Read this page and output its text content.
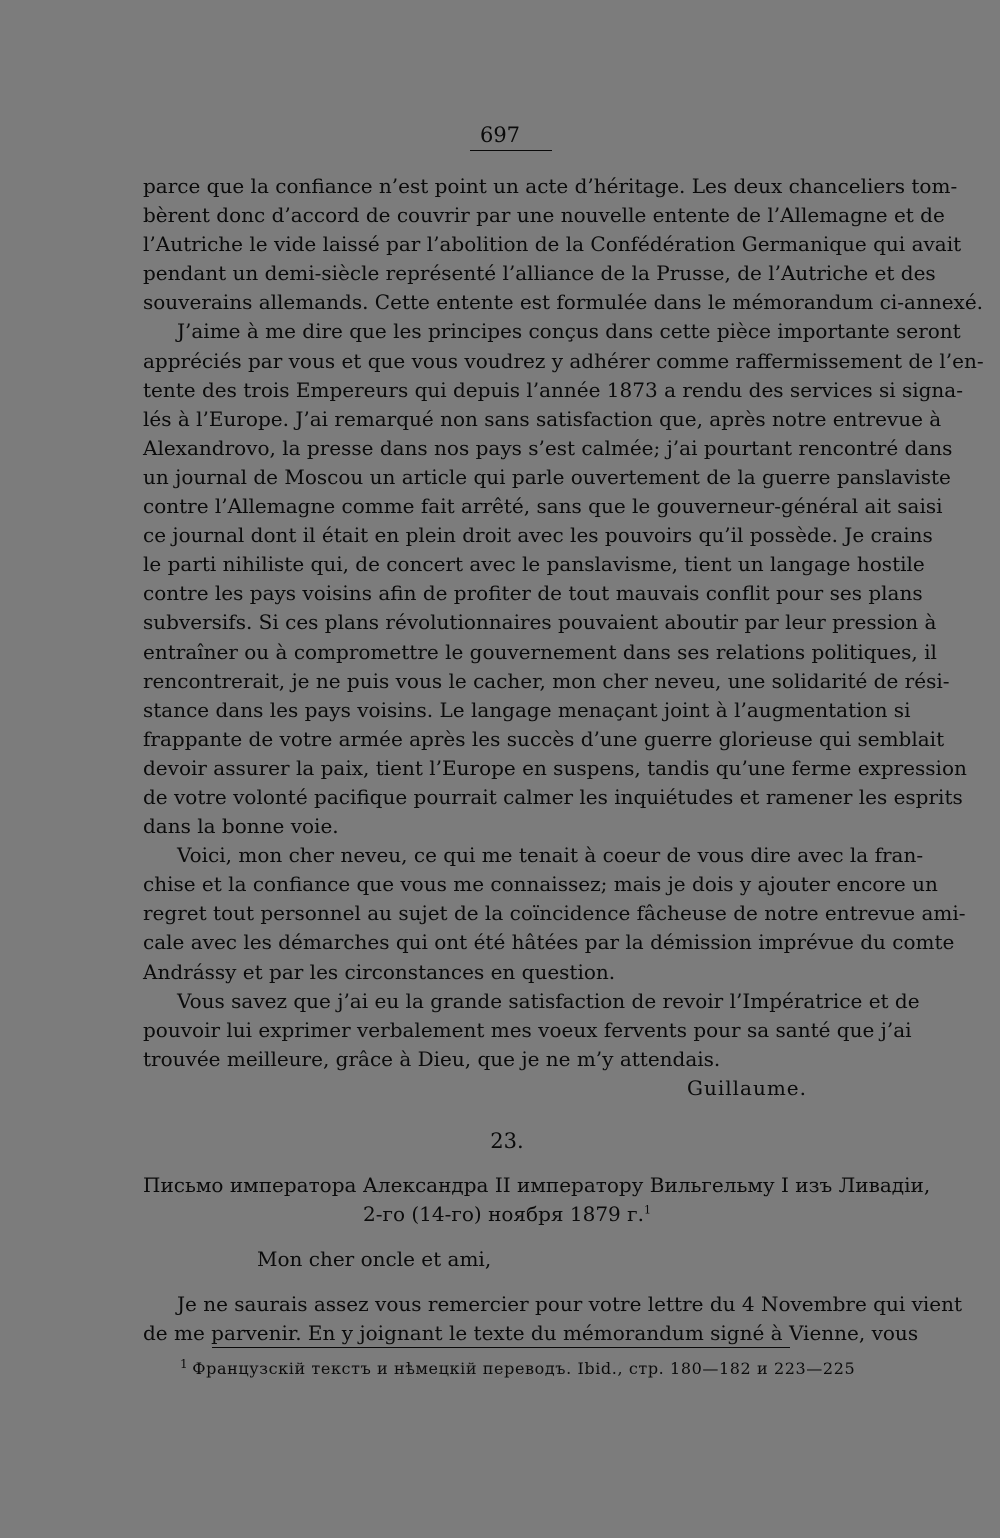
697
parce que la confiance n’est point un acte d’héritage. Les deux chanceliers tom-
bèrent donc d’accord de couvrir par une nouvelle entente de l’Allemagne et de
l’Autriche le vide laissé par l’abolition de la Confédération Germanique qui avait
pendant un demi-siècle représenté l’alliance de la Prusse, de l’Autriche et des
souverains allemands. Cette entente est formulée dans le mémorandum ci-annexé.
J’aime à me dire que les principes conçus dans cette pièce importante seront
appréciés par vous et que vous voudrez y adhérer comme raffermissement de l’en-
tente des trois Empereurs qui depuis l’année 1873 a rendu des services si signa-
lés à l’Europe. J’ai remarqué non sans satisfaction que, après notre entrevue à
Alexandrovo, la presse dans nos pays s’est calmée; j’ai pourtant rencontré dans
un journal de Moscou un article qui parle ouvertement de la guerre panslaviste
contre l’Allemagne comme fait arrêté, sans que le gouverneur-général ait saisi
ce journal dont il était en plein droit avec les pouvoirs qu’il possède. Je crains
le parti nihiliste qui, de concert avec le panslavisme, tient un langage hostile
contre les pays voisins afin de profiter de tout mauvais conflit pour ses plans
subversifs. Si ces plans révolutionnaires pouvaient aboutir par leur pression à
entraîner ou à compromettre le gouvernement dans ses relations politiques, il
rencontrerait, je ne puis vous le cacher, mon cher neveu, une solidarité de rési-
stance dans les pays voisins. Le langage menaçant joint à l’augmentation si
frappante de votre armée après les succès d’une guerre glorieuse qui semblait
devoir assurer la paix, tient l’Europe en suspens, tandis qu’une ferme expression
de votre volonté pacifique pourrait calmer les inquiétudes et ramener les esprits
dans la bonne voie.
Voici, mon cher neveu, ce qui me tenait à coeur de vous dire avec la fran-
chise et la confiance que vous me connaissez; mais je dois y ajouter encore un
regret tout personnel au sujet de la coïncidence fâcheuse de notre entrevue ami-
cale avec les démarches qui ont été hâtées par la démission imprévue du comte
Andrássy et par les circonstances en question.
Vous savez que j’ai eu la grande satisfaction de revoir l’Impératrice et de
pouvoir lui exprimer verbalement mes voeux fervents pour sa santé que j’ai
trouvée meilleure, grâce à Dieu, que je ne m’y attendais.
Guillaume.
23.
Письмо императора Александра II императору Вильгельму I изъ Ливадіи,
2-го (14-го) ноября 1879 г.$^1$
Mon cher oncle et ami,
Je ne saurais assez vous remercier pour votre lettre du 4 Novembre qui vient
de me parvenir. En y joignant le texte du mémorandum signé à Vienne, vous
$^1$ Французскій текстъ и нѣмецкій переводъ. Ibid., стр. 180—182 и 223—225
